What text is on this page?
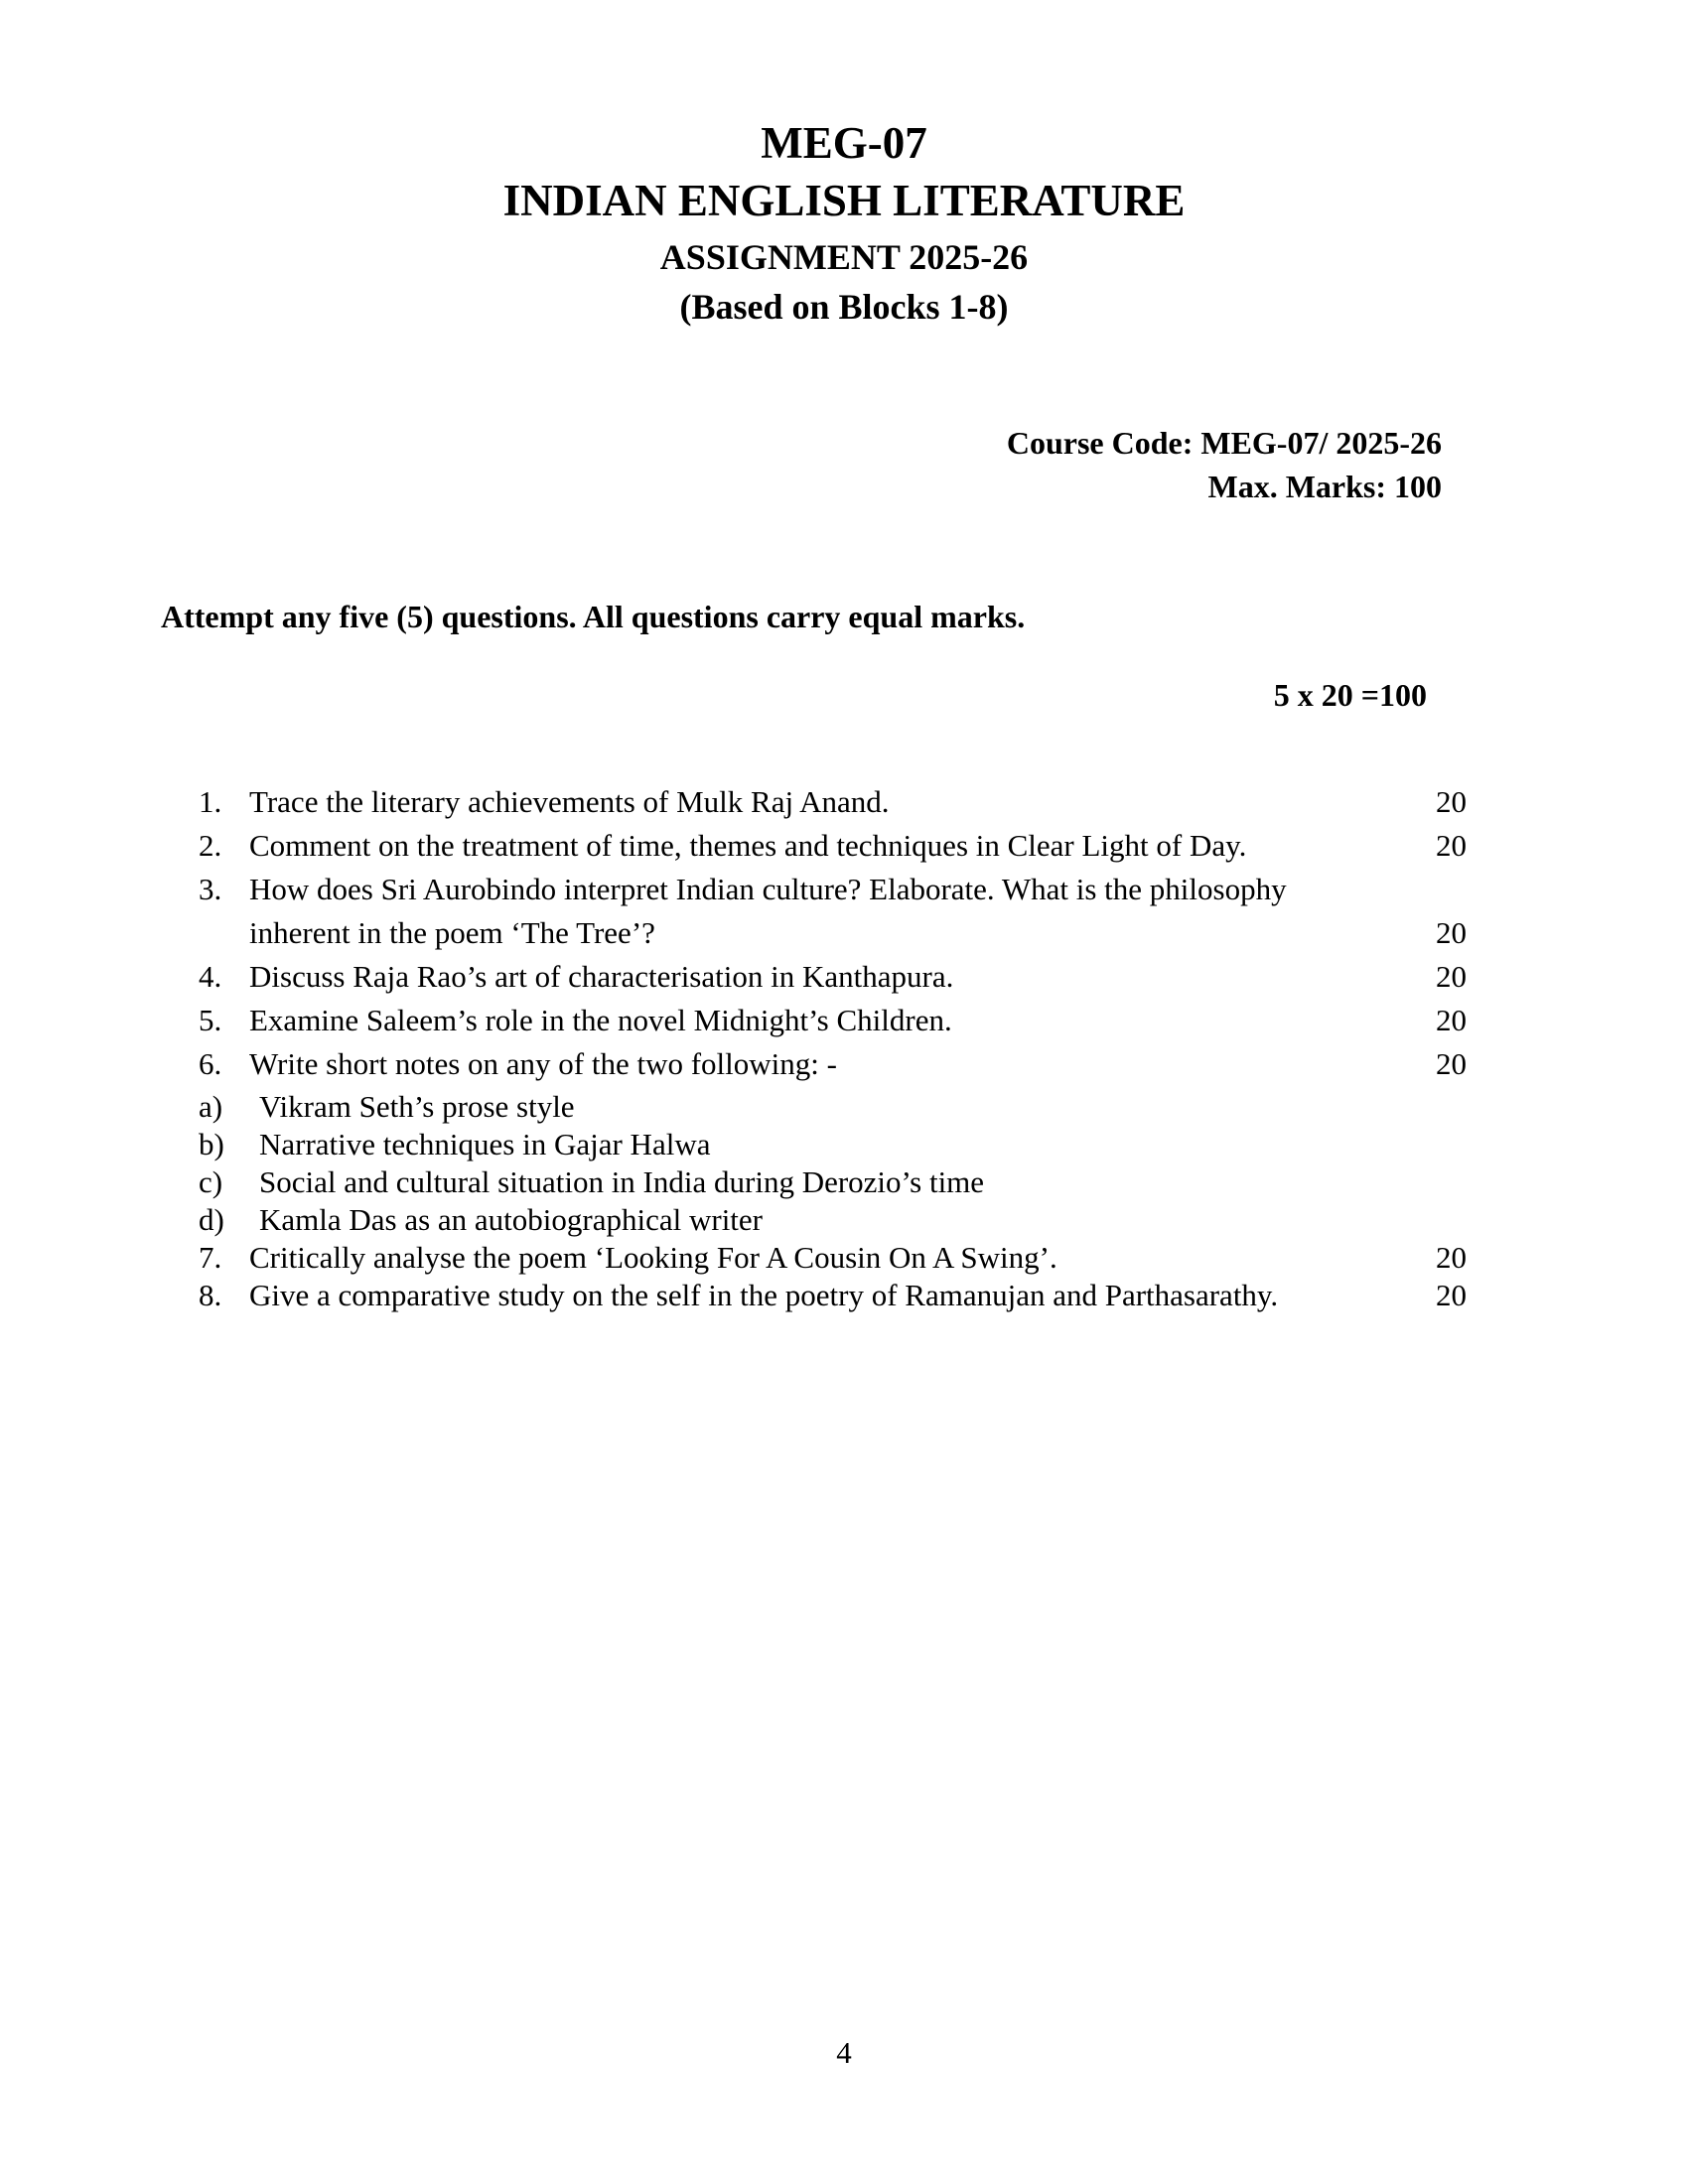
MEG-07
INDIAN ENGLISH LITERATURE
ASSIGNMENT 2025-26
(Based on Blocks 1-8)
Course Code: MEG-07/ 2025-26
Max. Marks: 100
Attempt any five (5) questions. All questions carry equal marks.
5 x 20 =100
1. Trace the literary achievements of Mulk Raj Anand.	20
2. Comment on the treatment of time, themes and techniques in Clear Light of Day.	20
3. How does Sri Aurobindo interpret Indian culture? Elaborate. What is the philosophy
inherent in the poem ‘The Tree’?	20
4. Discuss Raja Rao’s art of characterisation in Kanthapura.	20
5. Examine Saleem’s role in the novel Midnight’s Children.	20
6. Write short notes on any of the two following: -	20
a) Vikram Seth’s prose style
b) Narrative techniques in Gajar Halwa
c) Social and cultural situation in India during Derozio’s time
d) Kamla Das as an autobiographical writer
7. Critically analyse the poem ‘Looking For A Cousin On A Swing’.	20
8. Give a comparative study on the self in the poetry of Ramanujan and Parthasarathy.	20
4
